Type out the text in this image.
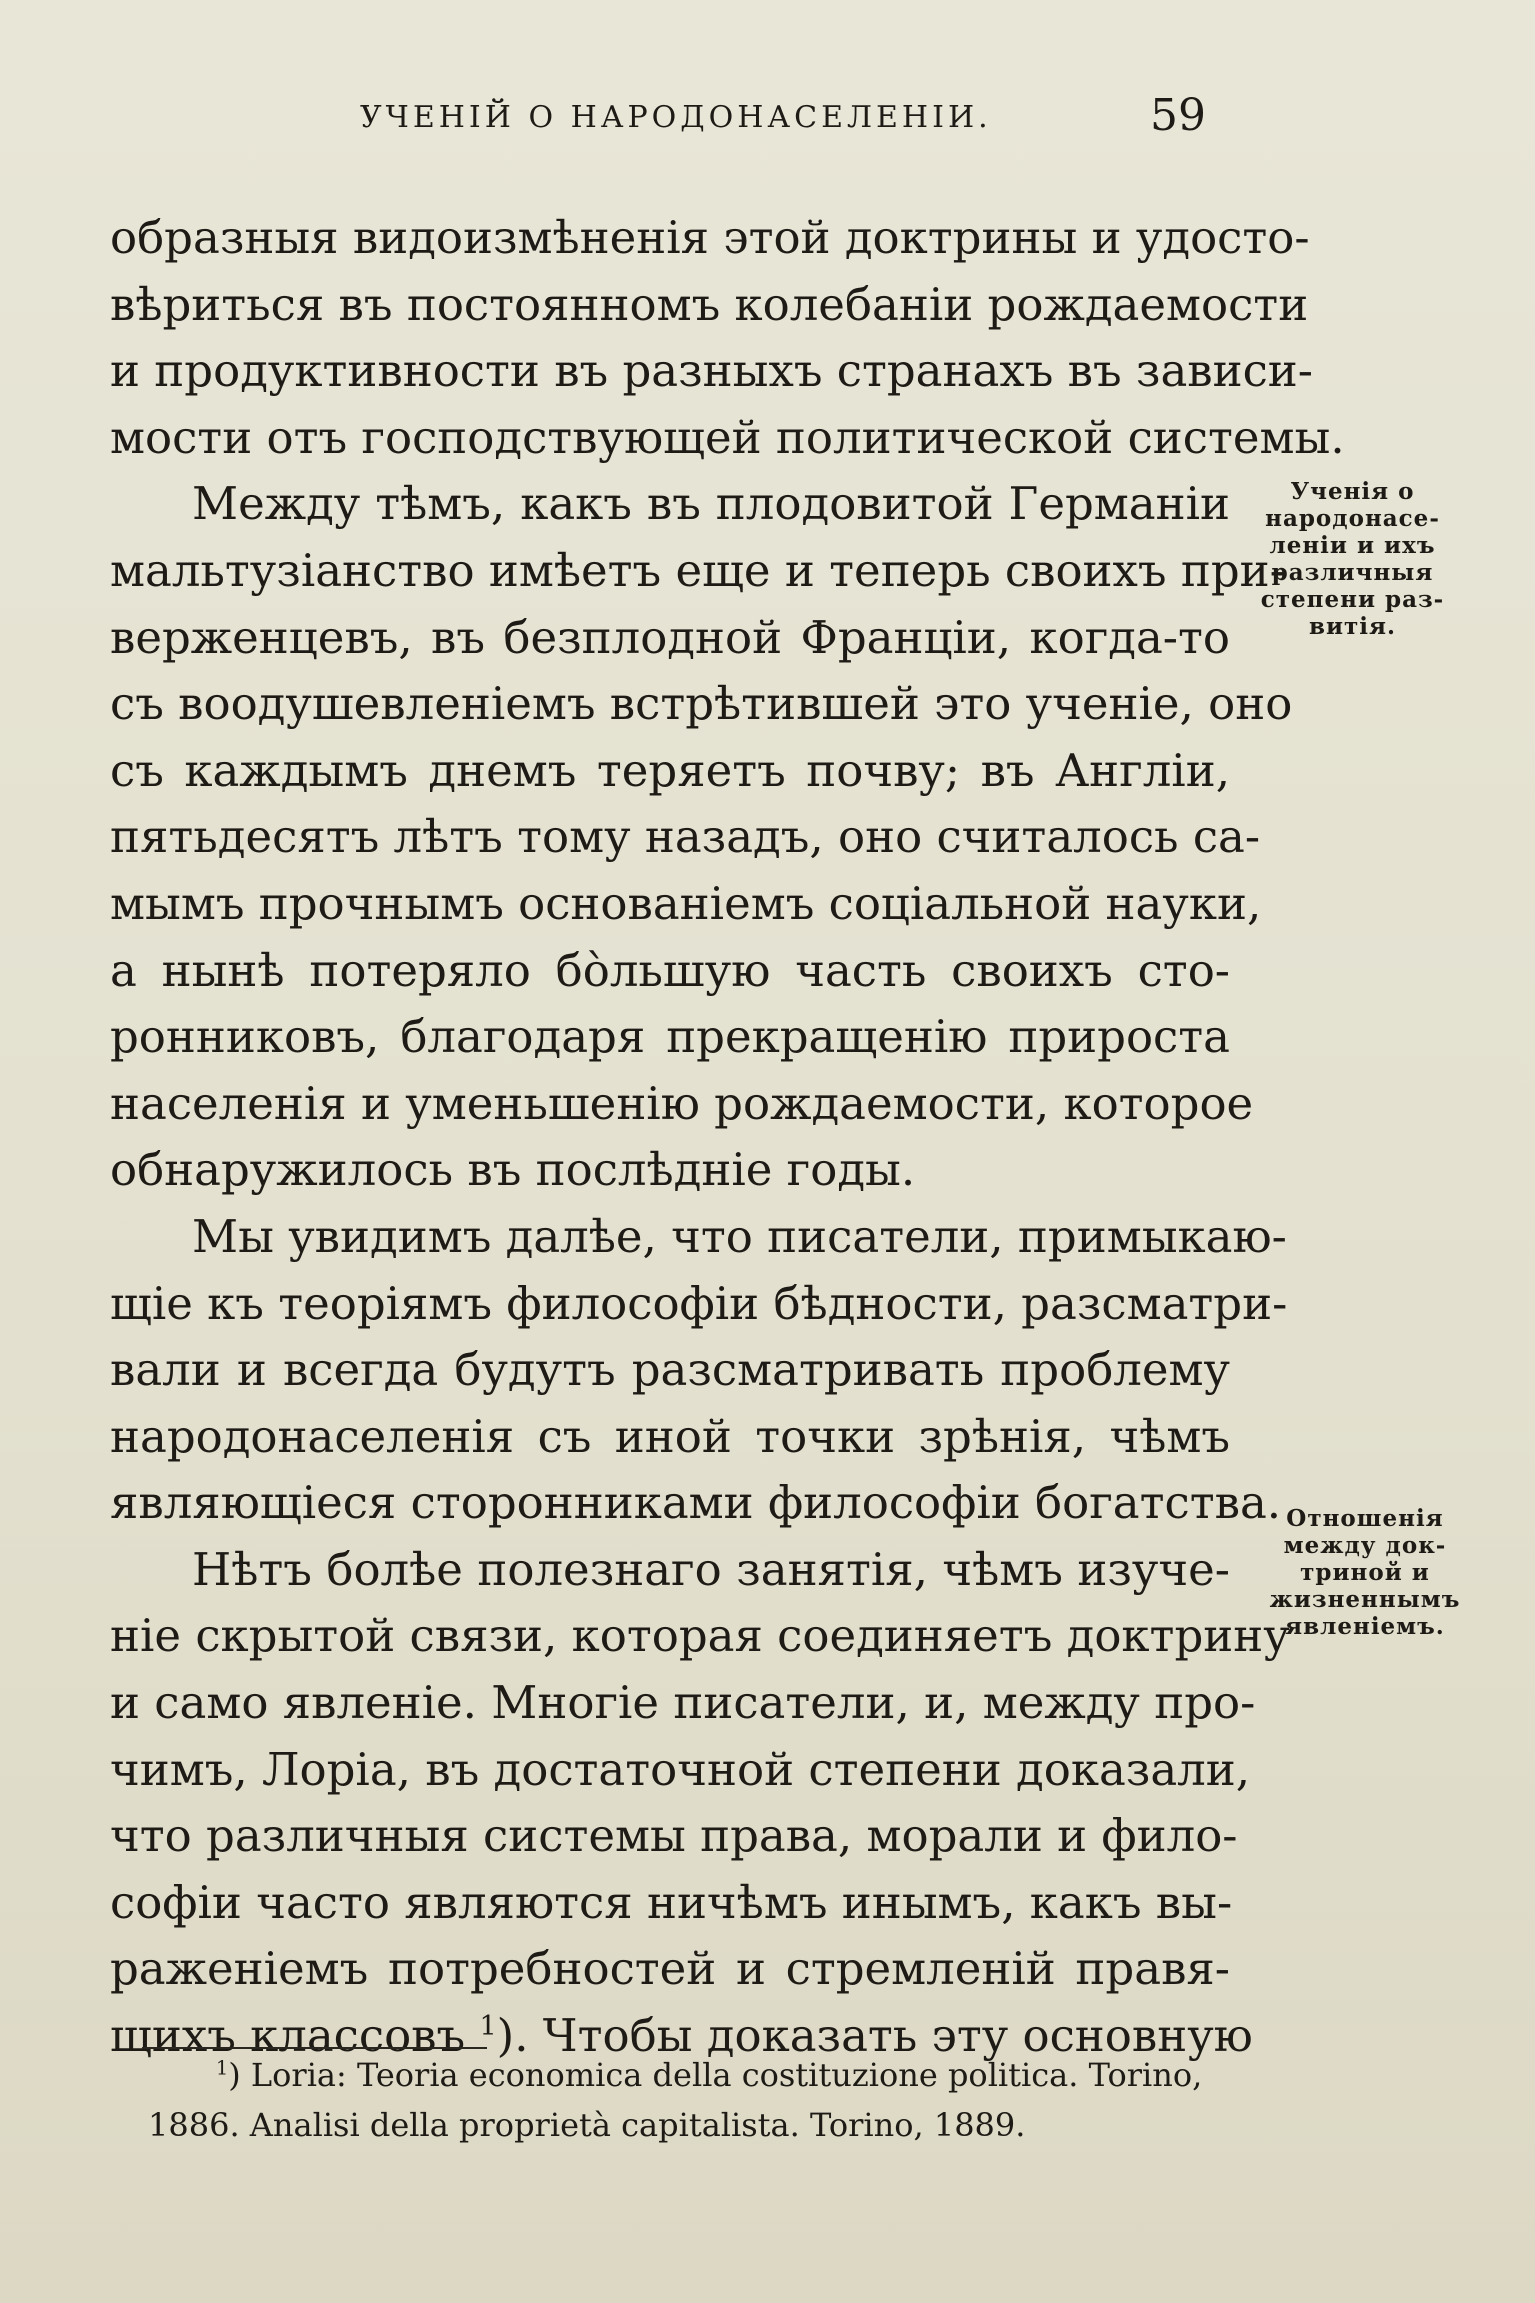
УЧЕНІЙ О НАРОДОНАСЕЛЕНІИ.	59
образныя видоизмѣненія этой доктрины и удосто-
вѣриться въ постоянномъ колебаніи рождаемости
и продуктивности въ разныхъ странахъ въ зависи-
мости отъ господствующей политической системы.
Между тѣмъ, какъ въ плодовитой Германіи
мальтузіанство имѣетъ еще и теперь своихъ при-
верженцевъ, въ безплодной Франціи, когда-то
съ воодушевленіемъ встрѣтившей это ученіе, оно
съ каждымъ днемъ теряетъ почву; въ Англіи,
пятьдесятъ лѣтъ тому назадъ, оно считалось са-
мымъ прочнымъ основаніемъ соціальной науки,
а нынѣ потеряло бо̀льшую часть своихъ сто-
ронниковъ, благодаря прекращенію прироста
населенія и уменьшенію рождаемости, которое
обнаружилось въ послѣдніе годы.
Мы увидимъ далѣе, что писатели, примыкаю-
щіе къ теоріямъ философіи бѣдности, разсматри-
вали и всегда будутъ разсматривать проблему
народонаселенія съ иной точки зрѣнія, чѣмъ
являющіеся сторонниками философіи богатства.
Нѣтъ болѣе полезнаго занятія, чѣмъ изуче-
ніе скрытой связи, которая соединяетъ доктрину
и само явленіе. Многіе писатели, и, между про-
чимъ, Лоріа, въ достаточной степени доказали,
что различныя системы права, морали и фило-
софіи часто являются ничѣмъ инымъ, какъ вы-
раженіемъ потребностей и стремленій правя-
щихъ классовъ $^1$). Чтобы доказать эту основную
Ученія о
народонасе-
леніи и ихъ
различныя
степени раз-
витія.
Отношенія
между док-
триной и
жизненнымъ
явленіемъ.
$^1$) Loria: Teoria economica della costituzione politica. Torino,
1886. Analisi della proprietà capitalista. Torino, 1889.
